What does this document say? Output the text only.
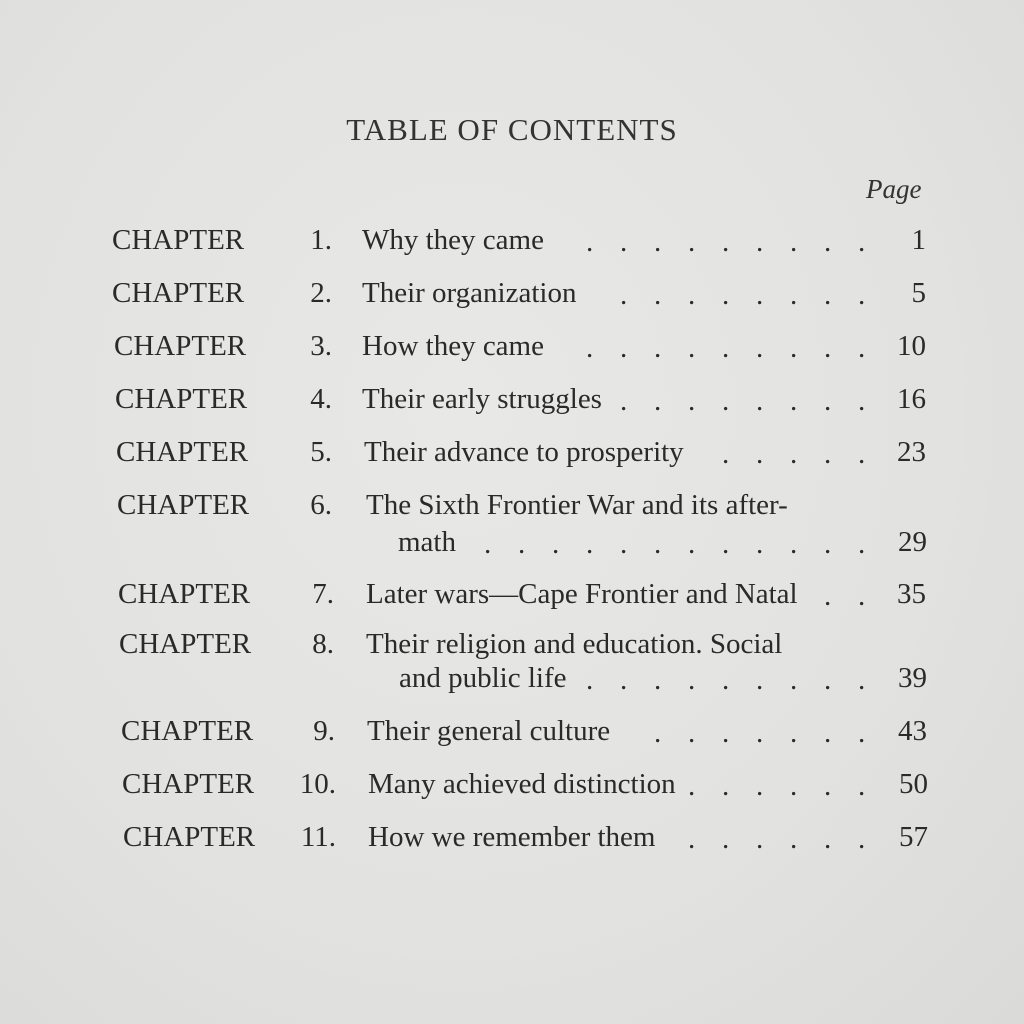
TABLE OF CONTENTS
Page
CHAPTER 1. Why they came	1
CHAPTER 2. Their organization	5
CHAPTER 3. How they came	10
CHAPTER 4. Their early struggles	16
CHAPTER 5. Their advance to prosperity	23
CHAPTER 6. The Sixth Frontier War and its after-
math	29
CHAPTER 7. Later wars—Cape Frontier and Natal	35
CHAPTER 8. Their religion and education. Social
and public life	39
CHAPTER 9. Their general culture	43
CHAPTER 10. Many achieved distinction	50
CHAPTER 11. How we remember them	57
.
.
.
.
.
.
.
.
.
.
.
.
.
.
.
.
.
.
.
.
.
.
.
.
.
.
.
.
.
.
.
.
.
.
.
.
.
.
.
.
.
.
.
.
.
.
.
.
.
.
.
.
.
.
.
.
.
.
.
.
.
.
.
.
.
.
.
.
.
.
.
.
.
.
.
.
.
.
.
.
.
